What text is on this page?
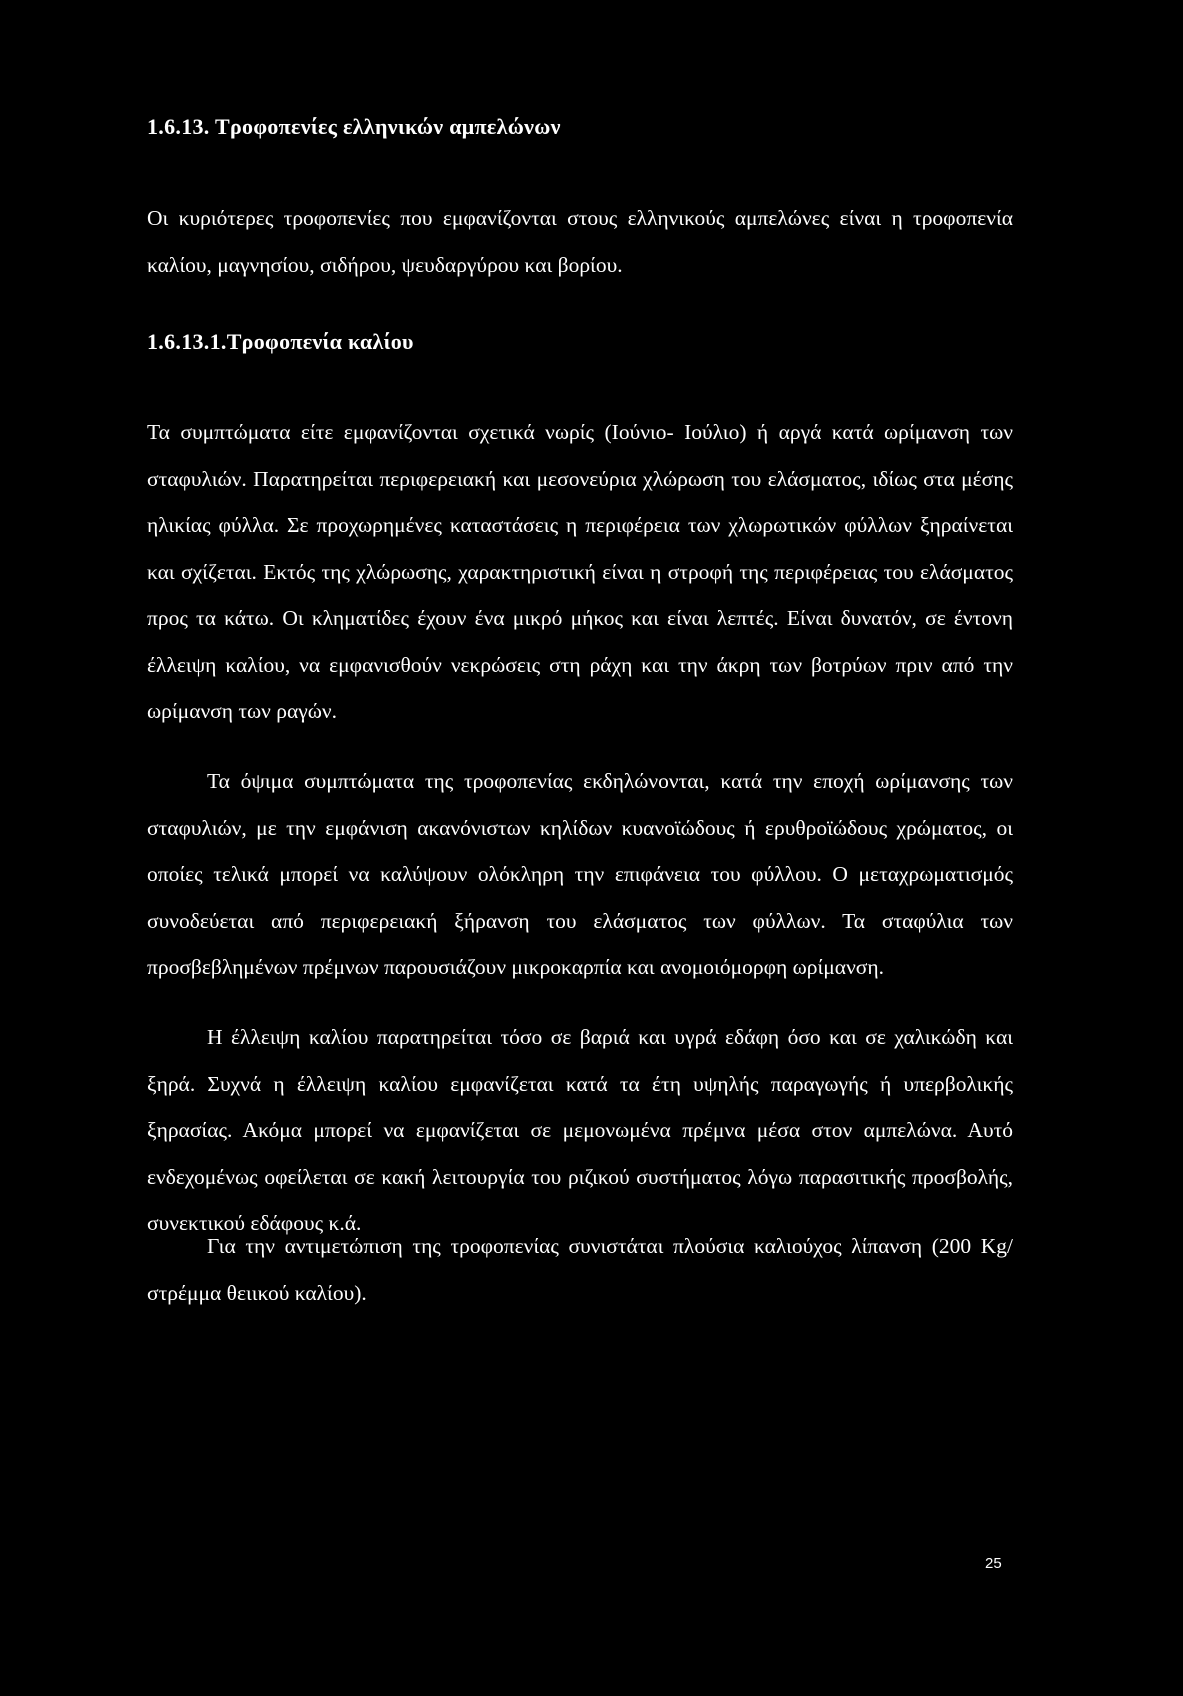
1.6.13. Τροφοπενίες ελληνικών αμπελώνων

Οι κυριότερες τροφοπενίες που εμφανίζονται στους ελληνικούς αμπελώνες είναι η τροφοπενία καλίου, μαγνησίου, σιδήρου, ψευδαργύρου και βορίου.

1.6.13.1.Τροφοπενία καλίου

Τα συμπτώματα είτε εμφανίζονται σχετικά νωρίς (Ιούνιο- Ιούλιο) ή αργά κατά ωρίμανση των σταφυλιών. Παρατηρείται περιφερειακή και μεσονεύρια χλώρωση του ελάσματος, ιδίως στα μέσης ηλικίας φύλλα. Σε προχωρημένες καταστάσεις η περιφέρεια των χλωρωτικών φύλλων ξηραίνεται και σχίζεται. Εκτός της χλώρωσης, χαρακτηριστική είναι η στροφή της περιφέρειας του ελάσματος προς τα κάτω. Οι κληματίδες έχουν ένα μικρό μήκος και είναι λεπτές. Είναι δυνατόν, σε έντονη έλλειψη καλίου, να εμφανισθούν νεκρώσεις στη ράχη και την άκρη των βοτρύων πριν από την ωρίμανση των ραγών.

Τα όψιμα συμπτώματα της τροφοπενίας εκδηλώνονται, κατά την εποχή ωρίμανσης των σταφυλιών, με την εμφάνιση ακανόνιστων κηλίδων κυανοϊώδους ή ερυθροϊώδους χρώματος, οι οποίες τελικά μπορεί να καλύψουν ολόκληρη την επιφάνεια του φύλλου. Ο μεταχρωματισμός συνοδεύεται από περιφερειακή ξήρανση του ελάσματος των φύλλων. Τα σταφύλια των προσβεβλημένων πρέμνων παρουσιάζουν μικροκαρπία και ανομοιόμορφη ωρίμανση.

Η έλλειψη καλίου παρατηρείται τόσο σε βαριά και υγρά εδάφη όσο και σε χαλικώδη και ξηρά. Συχνά η έλλειψη καλίου εμφανίζεται κατά τα έτη υψηλής παραγωγής ή υπερβολικής ξηρασίας. Ακόμα μπορεί να εμφανίζεται σε μεμονωμένα πρέμνα μέσα στον αμπελώνα. Αυτό ενδεχομένως οφείλεται σε κακή λειτουργία του ριζικού συστήματος λόγω παρασιτικής προσβολής, συνεκτικού εδάφους κ.ά.

Για την αντιμετώπιση της τροφοπενίας συνιστάται πλούσια καλιούχος λίπανση (200 Kg/στρέμμα θειικού καλίου).

25
